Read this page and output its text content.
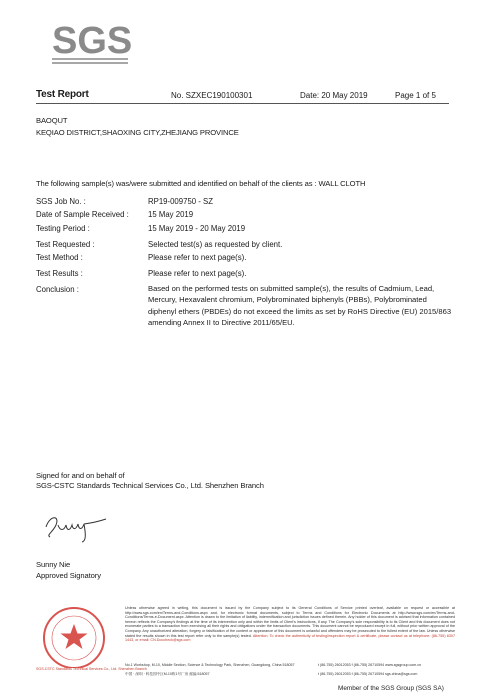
SGS
Test Report	No. SZXEC190100301	Date: 20 May 2019	Page 1 of 5
BAOQUT
KEQIAO DISTRICT,SHAOXING CITY,ZHEJIANG PROVINCE
The following sample(s) was/were submitted and identified on behalf of the clients as : WALL CLOTH
SGS Job No. :	RP19-009750 - SZ
Date of Sample Received : 15 May 2019
Testing Period :	15 May 2019 - 20 May 2019
Test Requested :	Selected test(s) as requested by client.
Test Method :	Please refer to next page(s).
Test Results :	Please refer to next page(s).
Conclusion :	Based on the performed tests on submitted sample(s), the results of Cadmium, Lead, Mercury, Hexavalent chromium, Polybrominated biphenyls (PBBs), Polybrominated diphenyl ethers (PBDEs) do not exceed the limits as set by RoHS Directive (EU) 2015/863 amending Annex II to Directive 2011/65/EU.
Signed for and on behalf of
SGS-CSTC Standards Technical Services Co., Ltd. Shenzhen Branch
Sunny Nie
Approved Signatory
SGS-CSTC Standards Technical Services Co., Ltd. Shenzhen Branch
Unless otherwise agreed in writing, this document is issued by the Company subject to its General Conditions of Service printed overleaf, available on request or accessible at http://www.sgs.com/en/Terms-and-Conditions.aspx and, for electronic format documents, subject to Terms and Conditions for Electronic Documents at http://www.sgs.com/en/Terms-and-Conditions/Terms-e-Document.aspx. Attention is drawn to the limitation of liability, indemnification and jurisdiction issues defined therein. Any holder of this document is advised that information contained hereon reflects the Company's findings at the time of its intervention only and within the limits of Client's instructions, if any. The Company's sole responsibility is to its Client and this document does not exonerate parties to a transaction from exercising all their rights and obligations under the transaction documents. This document cannot be reproduced except in full, without prior written approval of the Company. Any unauthorized alteration, forgery or falsification of the content or appearance of this document is unlawful and offenders may be prosecuted to the fullest extent of the law. Unless otherwise stated the results shown in this test report refer only to the sample(s) tested. Attention: To check the authenticity of testing/inspection report & certificate, please contact us at telephone: (86-755) 8307 1443, or email: CN.Doccheck@sgs.com
No.1 Workshop, M-10, Middle Section, Science & Technology Park, Shenzhen, Guangdong, China 518057	t (86-755) 26012053 f (86-755) 26710594 www.sgsgroup.com.cn
中国 · 深圳 · 科技园中区M-10栋1号厂房 邮编:518057	t (86-755) 26012053 f (86-755) 26710594 sgs.china@sgs.com
Member of the SGS Group (SGS SA)
